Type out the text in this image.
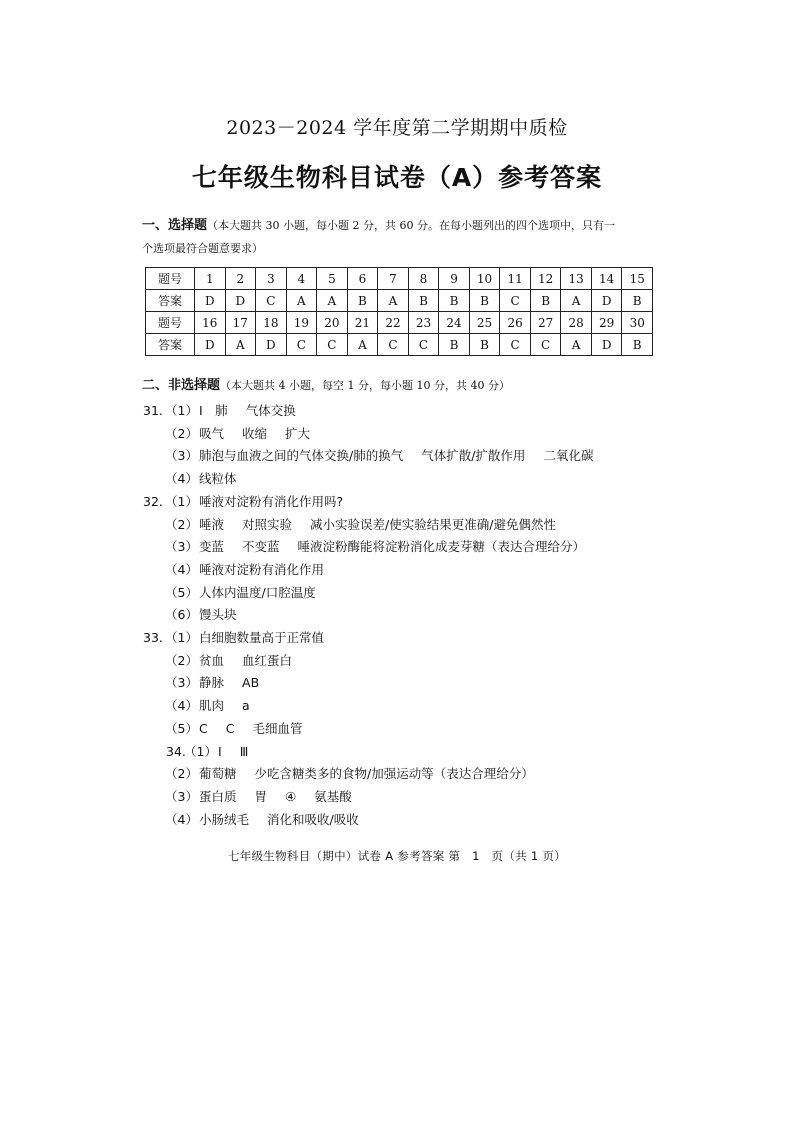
2023－2024 学年度第二学期期中质检
七年级生物科目试卷（A）参考答案
一、选择题（本大题共 30 小题，每小题 2 分，共 60 分。在每小题列出的四个选项中，只有一
个选项最符合题意要求）
题号	1	2	3	4	5	6	7	8	9	10	11	12	13	14	15
答案	D	D	C	A	A	B	A	B	B	B	C	B	A	D	B
题号	16	17	18	19	20	21	22	23	24	25	26	27	28	29	30
答案	D	A	D	C	C	A	C	C	B	B	C	C	A	D	B
二、非选择题（本大题共 4 小题，每空 1 分，每小题 10 分，共 40 分）
31. （1）I　肺 气体交换
（2）吸气 收缩 扩大
（3）肺泡与血液之间的气体交换/肺的换气 气体扩散/扩散作用 二氧化碳
（4）线粒体
32. （1）唾液对淀粉有消化作用吗?
（2）唾液 对照实验 减小实验误差/使实验结果更准确/避免偶然性
（3）变蓝 不变蓝 唾液淀粉酶能将淀粉消化成麦芽糖（表达合理给分）
（4）唾液对淀粉有消化作用
（5）人体内温度/口腔温度
（6）馒头块
33. （1）白细胞数量高于正常值
（2）贫血 血红蛋白
（3）静脉 AB
（4）肌肉 a
（5）C C 毛细血管
34.（1）Ⅰ Ⅲ
（2）葡萄糖 少吃含糖类多的食物/加强运动等（表达合理给分）
（3）蛋白质 胃 ④ 氨基酸
（4）小肠绒毛 消化和吸收/吸收
七年级生物科目（期中）试卷 A 参考答案 第　1　页（共 1 页）
